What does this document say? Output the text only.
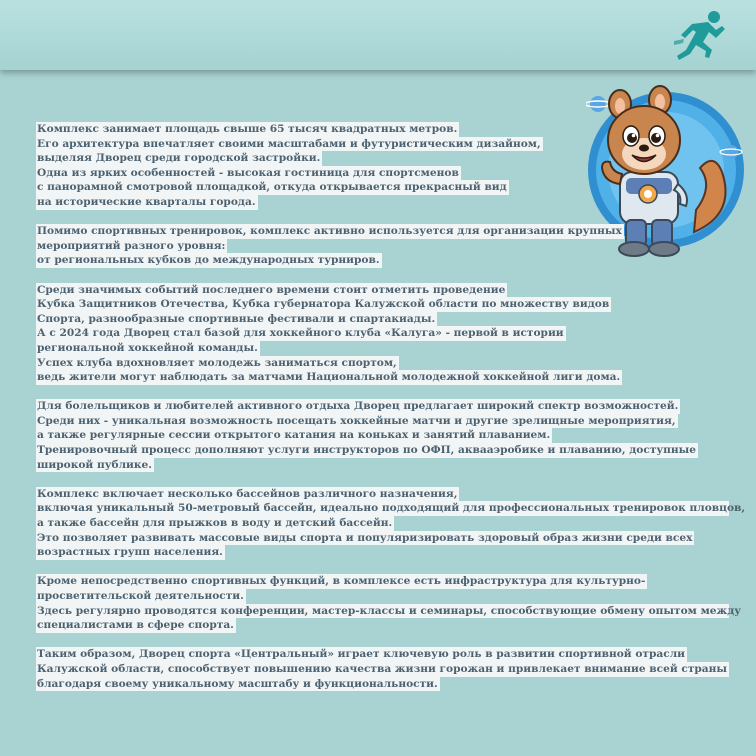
Комплекс занимает площадь свыше 65 тысяч квадратных метров.
Его архитектура впечатляет своими масштабами и футуристическим дизайном,
выделяя Дворец среди городской застройки.
Одна из ярких особенностей - высокая гостиница для спортсменов
с панорамной смотровой площадкой, откуда открывается прекрасный вид
на исторические кварталы города.
Помимо спортивных тренировок, комплекс активно используется для организации крупных
мероприятий разного уровня:
от региональных кубков до международных турниров.
Среди значимых событий последнего времени стоит отметить проведение
Кубка Защитников Отечества, Кубка губернатора Калужской области по множеству видов
Спорта, разнообразные спортивные фестивали и спартакиады.
А с 2024 года Дворец стал базой для хоккейного клуба «Калуга» - первой в истории
региональной хоккейной команды.
Успех клуба вдохновляет молодежь заниматься спортом,
ведь жители могут наблюдать за матчами Национальной молодежной хоккейной лиги дома.
Для болельщиков и любителей активного отдыха Дворец предлагает широкий спектр возможностей.
Среди них - уникальная возможность посещать хоккейные матчи и другие зрелищные мероприятия,
а также регулярные сессии открытого катания на коньках и занятий плаванием.
Тренировочный процесс дополняют услуги инструкторов по ОФП, аквааэробике и плаванию, доступные
широкой публике.
Комплекс включает несколько бассейнов различного назначения,
включая уникальный 50-метровый бассейн, идеально подходящий для профессиональных тренировок пловцов,
а также бассейн для прыжков в воду и детский бассейн.
Это позволяет развивать массовые виды спорта и популяризировать здоровый образ жизни среди всех
возрастных групп населения.
Кроме непосредственно спортивных функций, в комплексе есть инфраструктура для культурно-
просветительской деятельности.
Здесь регулярно проводятся конференции, мастер-классы и семинары, способствующие обмену опытом между
специалистами в сфере спорта.
Таким образом, Дворец спорта «Центральный» играет ключевую роль в развитии спортивной отрасли
Калужской области, способствует повышению качества жизни горожан и привлекает внимание всей страны
благодаря своему уникальному масштабу и функциональности.
